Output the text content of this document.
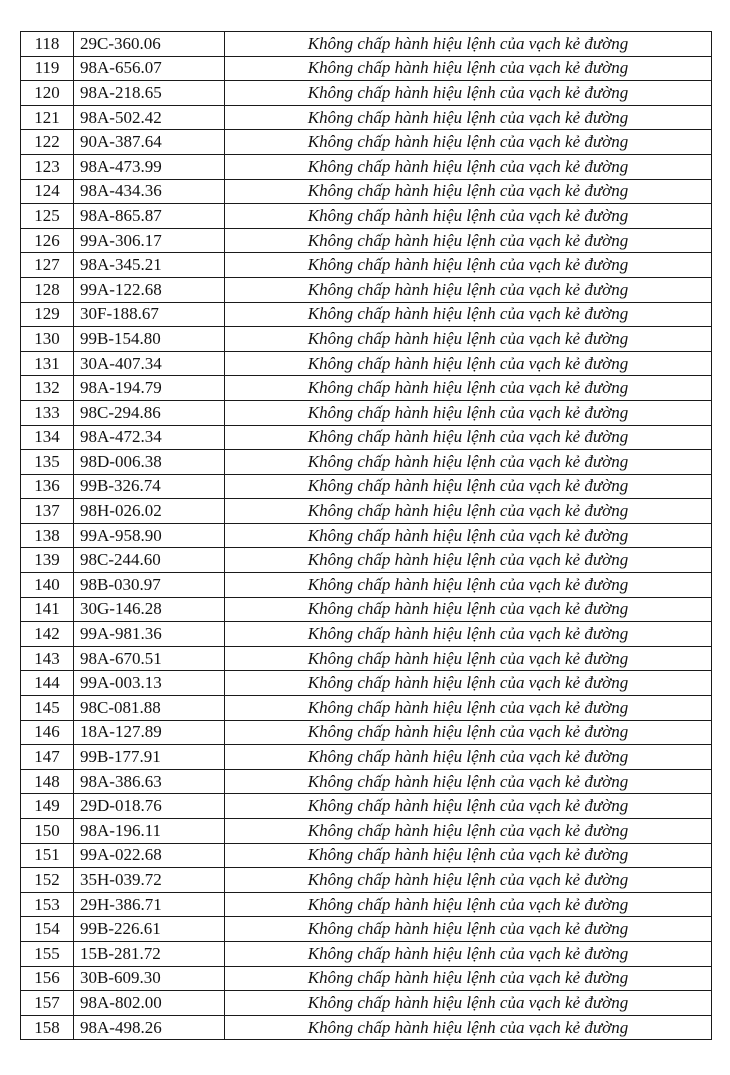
118	29C-360.06	Không chấp hành hiệu lệnh của vạch kẻ đường
119	98A-656.07	Không chấp hành hiệu lệnh của vạch kẻ đường
120	98A-218.65	Không chấp hành hiệu lệnh của vạch kẻ đường
121	98A-502.42	Không chấp hành hiệu lệnh của vạch kẻ đường
122	90A-387.64	Không chấp hành hiệu lệnh của vạch kẻ đường
123	98A-473.99	Không chấp hành hiệu lệnh của vạch kẻ đường
124	98A-434.36	Không chấp hành hiệu lệnh của vạch kẻ đường
125	98A-865.87	Không chấp hành hiệu lệnh của vạch kẻ đường
126	99A-306.17	Không chấp hành hiệu lệnh của vạch kẻ đường
127	98A-345.21	Không chấp hành hiệu lệnh của vạch kẻ đường
128	99A-122.68	Không chấp hành hiệu lệnh của vạch kẻ đường
129	30F-188.67	Không chấp hành hiệu lệnh của vạch kẻ đường
130	99B-154.80	Không chấp hành hiệu lệnh của vạch kẻ đường
131	30A-407.34	Không chấp hành hiệu lệnh của vạch kẻ đường
132	98A-194.79	Không chấp hành hiệu lệnh của vạch kẻ đường
133	98C-294.86	Không chấp hành hiệu lệnh của vạch kẻ đường
134	98A-472.34	Không chấp hành hiệu lệnh của vạch kẻ đường
135	98D-006.38	Không chấp hành hiệu lệnh của vạch kẻ đường
136	99B-326.74	Không chấp hành hiệu lệnh của vạch kẻ đường
137	98H-026.02	Không chấp hành hiệu lệnh của vạch kẻ đường
138	99A-958.90	Không chấp hành hiệu lệnh của vạch kẻ đường
139	98C-244.60	Không chấp hành hiệu lệnh của vạch kẻ đường
140	98B-030.97	Không chấp hành hiệu lệnh của vạch kẻ đường
141	30G-146.28	Không chấp hành hiệu lệnh của vạch kẻ đường
142	99A-981.36	Không chấp hành hiệu lệnh của vạch kẻ đường
143	98A-670.51	Không chấp hành hiệu lệnh của vạch kẻ đường
144	99A-003.13	Không chấp hành hiệu lệnh của vạch kẻ đường
145	98C-081.88	Không chấp hành hiệu lệnh của vạch kẻ đường
146	18A-127.89	Không chấp hành hiệu lệnh của vạch kẻ đường
147	99B-177.91	Không chấp hành hiệu lệnh của vạch kẻ đường
148	98A-386.63	Không chấp hành hiệu lệnh của vạch kẻ đường
149	29D-018.76	Không chấp hành hiệu lệnh của vạch kẻ đường
150	98A-196.11	Không chấp hành hiệu lệnh của vạch kẻ đường
151	99A-022.68	Không chấp hành hiệu lệnh của vạch kẻ đường
152	35H-039.72	Không chấp hành hiệu lệnh của vạch kẻ đường
153	29H-386.71	Không chấp hành hiệu lệnh của vạch kẻ đường
154	99B-226.61	Không chấp hành hiệu lệnh của vạch kẻ đường
155	15B-281.72	Không chấp hành hiệu lệnh của vạch kẻ đường
156	30B-609.30	Không chấp hành hiệu lệnh của vạch kẻ đường
157	98A-802.00	Không chấp hành hiệu lệnh của vạch kẻ đường
158	98A-498.26	Không chấp hành hiệu lệnh của vạch kẻ đường
